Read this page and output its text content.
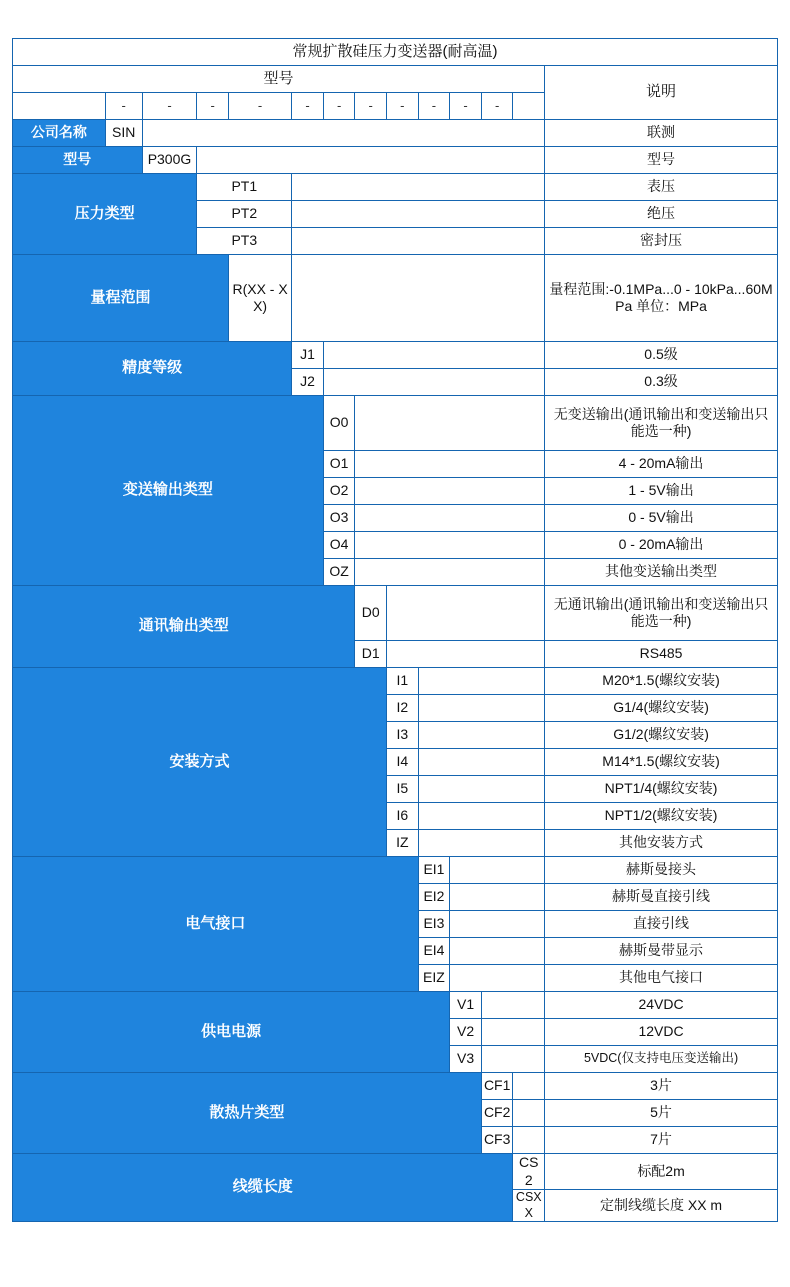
常规扩散硅压力变送器(耐高温)													
型号													说明
	-	-	-	-	-	-	-	-	-	-	-		
公司名称	SIN												联测
型号		P300G											型号
压力类型			PT1										表压
			PT2										绝压
			PT3										密封压
量程范围				R(XX - XX)									量程范围:-0.1MPa...0 - 10kPa...60MPa 单位：MPa
精度等级					J1								0.5级
					J2								0.3级
变送输出类型						O0							无变送输出(通讯输出和变送输出只能选一种)
						O1							4 - 20mA输出
						O2							1 - 5V输出
						O3							0 - 5V输出
						O4							0 - 20mA输出
						OZ							其他变送输出类型
通讯输出类型							D0						无通讯输出(通讯输出和变送输出只能选一种)
							D1						RS485
安装方式								I1					M20*1.5(螺纹安装)
								I2					G1/4(螺纹安装)
								I3					G1/2(螺纹安装)
								I4					M14*1.5(螺纹安装)
								I5					NPT1/4(螺纹安装)
								I6					NPT1/2(螺纹安装)
								IZ					其他安装方式
电气接口									EI1				赫斯曼接头
									EI2				赫斯曼直接引线
									EI3				直接引线
									EI4				赫斯曼带显示
									EIZ				其他电气接口
供电电源										V1			24VDC
										V2			12VDC
										V3			5VDC(仅支持电压变送输出)
散热片类型											CF1		3片
											CF2		5片
											CF3		7片
线缆长度												CS2	标配2m
												CSXX	定制线缆长度 XX m
